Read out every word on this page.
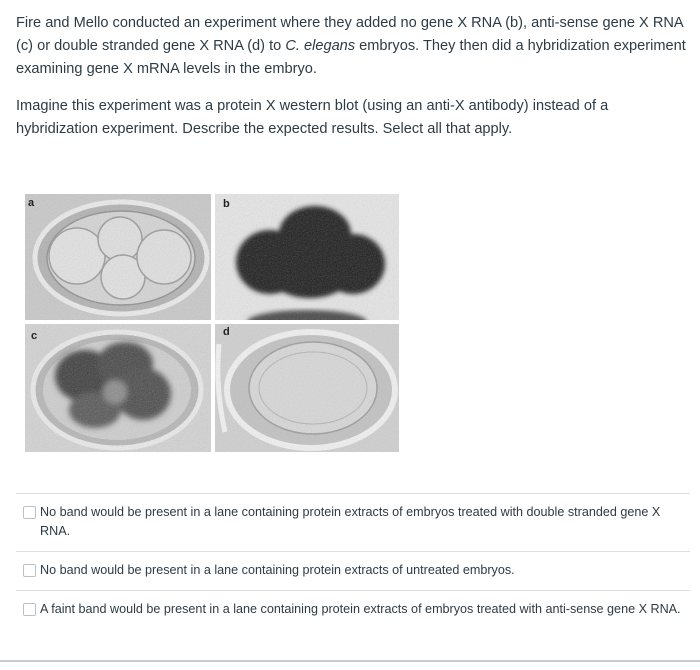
Fire and Mello conducted an experiment where they added no gene X RNA (b), anti-sense gene X RNA (c) or double stranded gene X RNA (d) to C. elegans embryos. They then did a hybridization experiment examining gene X mRNA levels in the embryo.

Imagine this experiment was a protein X western blot (using an anti-X antibody) instead of a hybridization experiment. Describe the expected results. Select all that apply.

a	b
c	d
No band would be present in a lane containing protein extracts of embryos treated with double stranded gene X RNA.
No band would be present in a lane containing protein extracts of untreated embryos.
A faint band would be present in a lane containing protein extracts of embryos treated with anti-sense gene X RNA.
